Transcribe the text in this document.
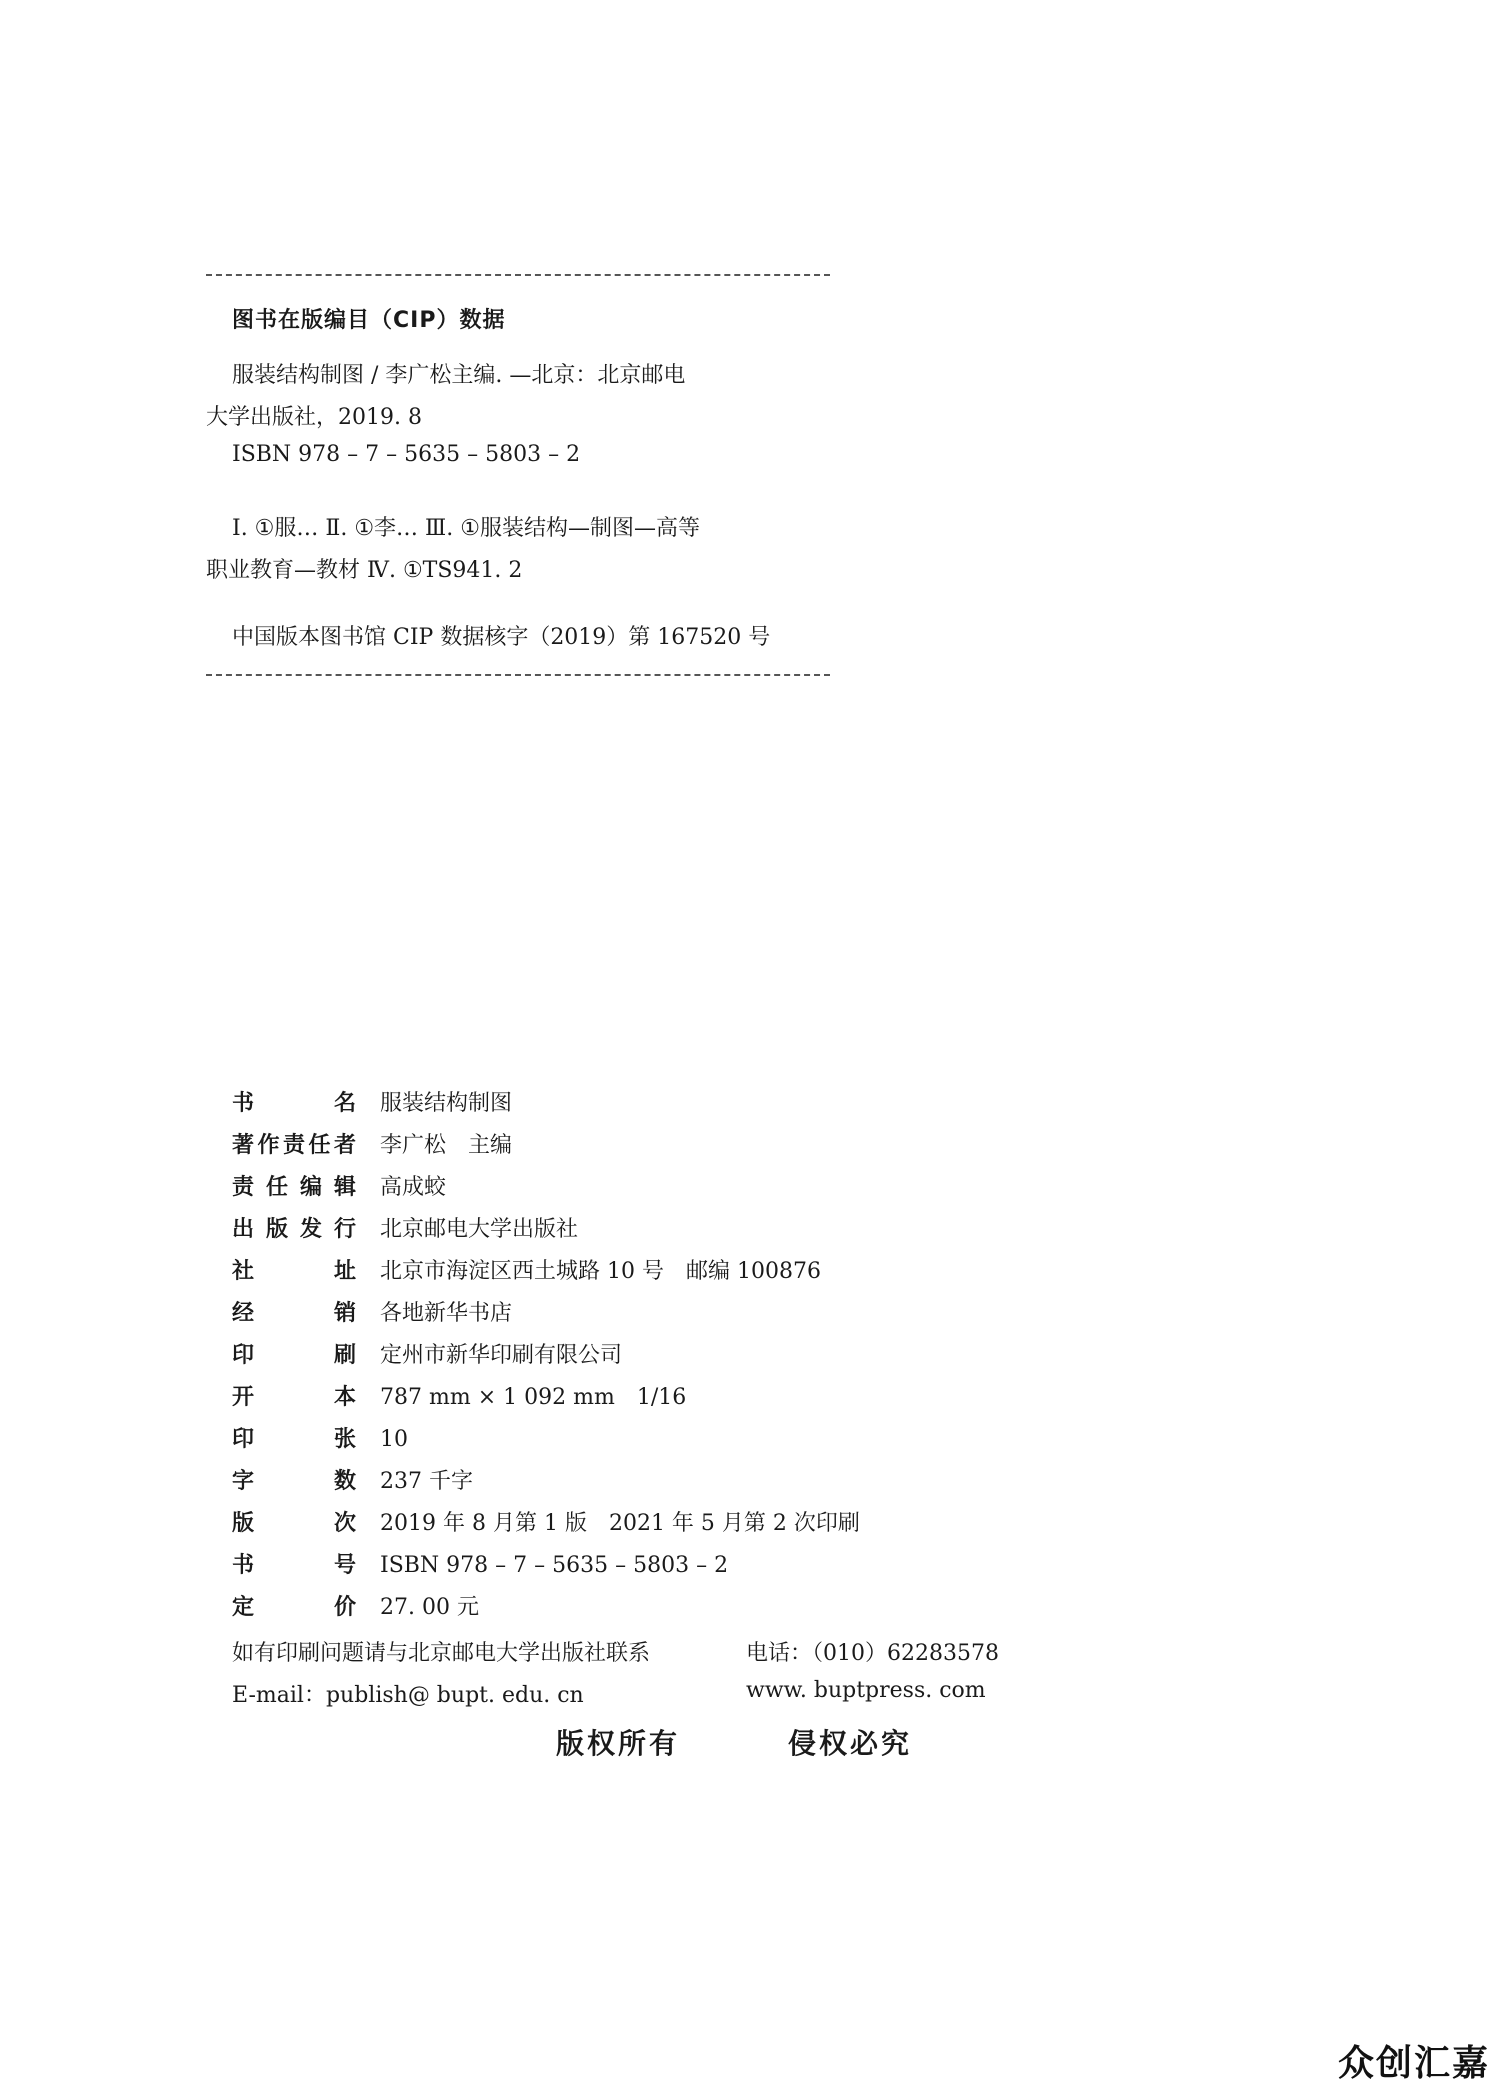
图书在版编目（CIP）数据
服装结构制图 / 李广松主编. —北京：北京邮电
大学出版社，2019. 8
ISBN 978 – 7 – 5635 – 5803 – 2
Ⅰ. ①服… Ⅱ. ①李… Ⅲ. ①服装结构—制图—高等
职业教育—教材 Ⅳ. ①TS941. 2
中国版本图书馆 CIP 数据核字（2019）第 167520 号
书名 服装结构制图
著作责任者 李广松　主编
责任编辑 高成蛟
出版发行 北京邮电大学出版社
社址 北京市海淀区西土城路 10 号　邮编 100876
经销 各地新华书店
印刷 定州市新华印刷有限公司
开本 787 mm × 1 092 mm　1/16
印张 10
字数 237 千字
版次 2019 年 8 月第 1 版　2021 年 5 月第 2 次印刷
书号 ISBN 978 – 7 – 5635 – 5803 – 2
定价 27. 00 元
如有印刷问题请与北京邮电大学出版社联系	电话：（010）62283578
E-mail：publish@ bupt. edu. cn	www. buptpress. com
版权所有	侵权必究
众创汇嘉
